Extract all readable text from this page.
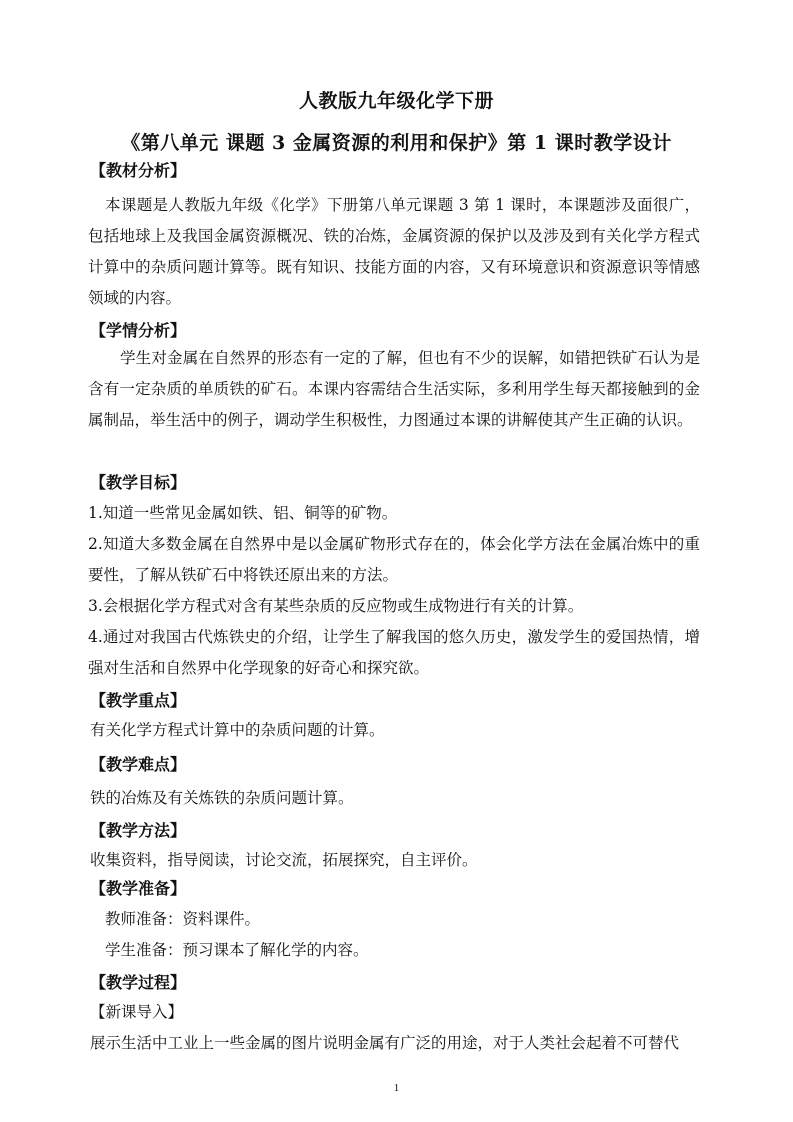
人教版九年级化学下册
《第八单元 课题 3 金属资源的利用和保护》第 1 课时教学设计
【教材分析】

本课题是人教版九年级《化学》下册第八单元课题 3 第 1 课时，本课题涉及面很广，包括地球上及我国金属资源概况、铁的冶炼，金属资源的保护以及涉及到有关化学方程式计算中的杂质问题计算等。既有知识、技能方面的内容，又有环境意识和资源意识等情感领域的内容。

【学情分析】

学生对金属在自然界的形态有一定的了解，但也有不少的误解，如错把铁矿石认为是含有一定杂质的单质铁的矿石。本课内容需结合生活实际，多利用学生每天都接触到的金属制品，举生活中的例子，调动学生积极性，力图通过本课的讲解使其产生正确的认识。

【教学目标】

1.知道一些常见金属如铁、铝、铜等的矿物。

2.知道大多数金属在自然界中是以金属矿物形式存在的，体会化学方法在金属冶炼中的重要性，了解从铁矿石中将铁还原出来的方法。

3.会根据化学方程式对含有某些杂质的反应物或生成物进行有关的计算。

4.通过对我国古代炼铁史的介绍，让学生了解我国的悠久历史，激发学生的爱国热情，增强对生活和自然界中化学现象的好奇心和探究欲。

【教学重点】
有关化学方程式计算中的杂质问题的计算。
【教学难点】
铁的冶炼及有关炼铁的杂质问题计算。
【教学方法】
收集资料，指导阅读，讨论交流，拓展探究，自主评价。
【教学准备】
教师准备：资料课件。
学生准备：预习课本了解化学的内容。
【教学过程】
【新课导入】
展示生活中工业上一些金属的图片说明金属有广泛的用途，对于人类社会起着不可替代
1
